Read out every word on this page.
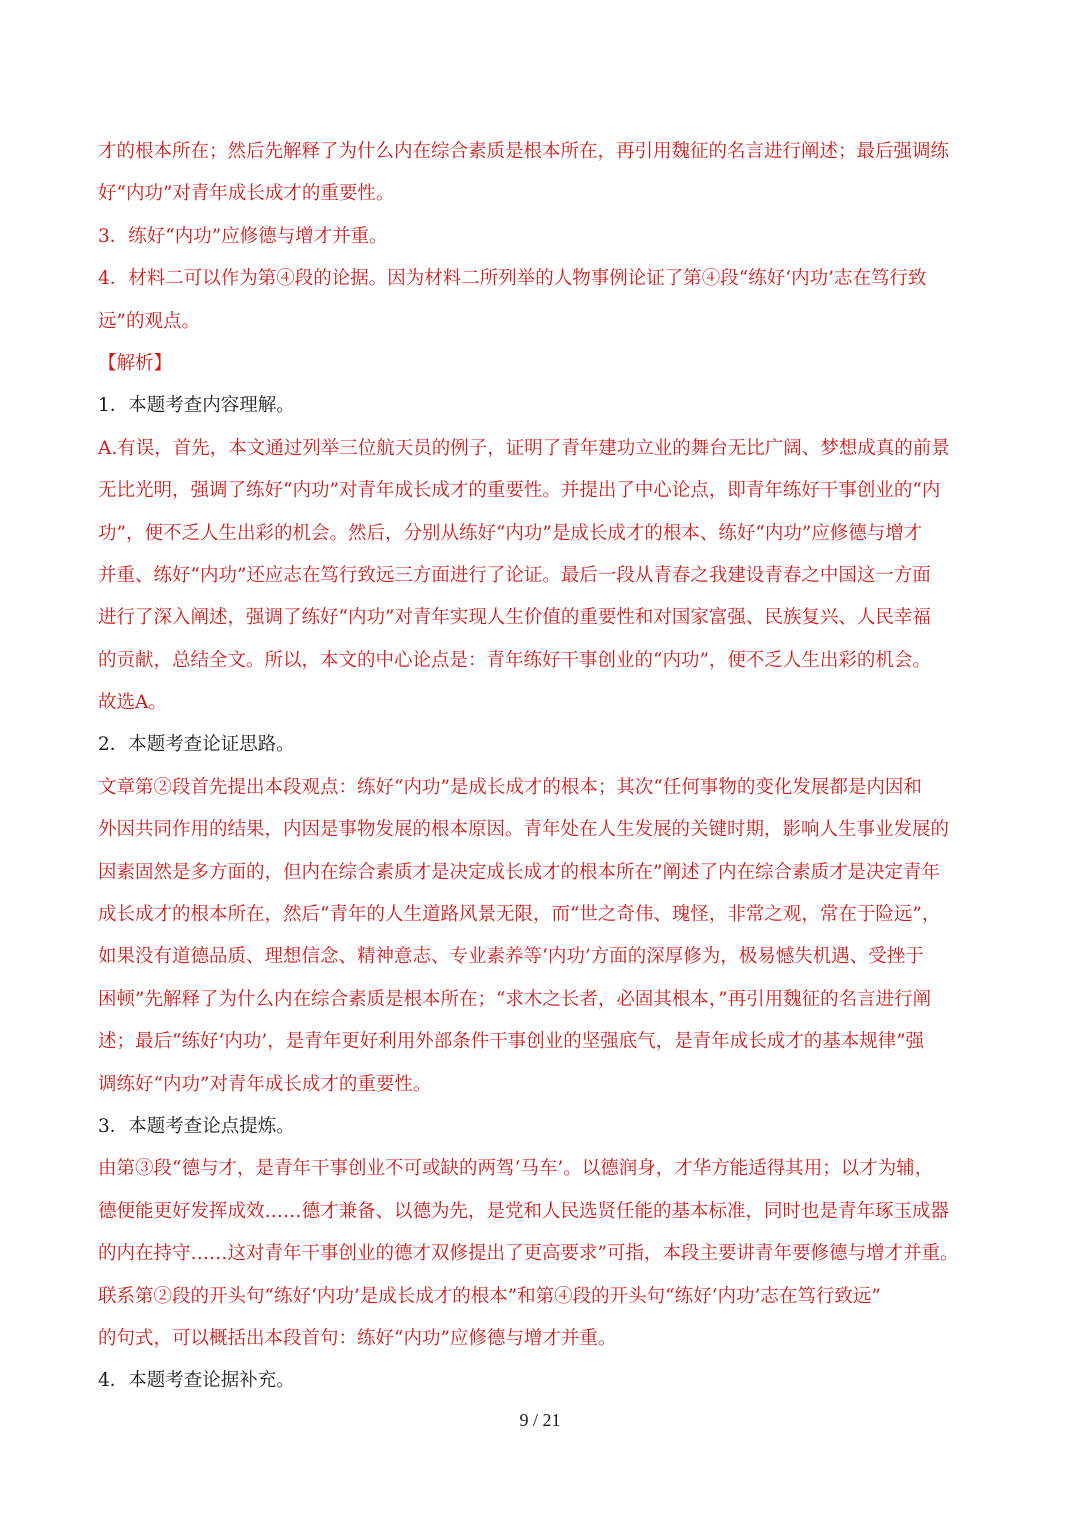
才的根本所在；然后先解释了为什么内在综合素质是根本所在，再引用魏征的名言进行阐述；最后强调练
好“内功”对青年成长成才的重要性。
3．练好“内功”应修德与增才并重。
4．材料二可以作为第④段的论据。因为材料二所列举的人物事例论证了第④段“练好‘内功’志在笃行致
远”的观点。
【解析】
1．本题考查内容理解。
A.有误，首先，本文通过列举三位航天员的例子，证明了青年建功立业的舞台无比广阔、梦想成真的前景
无比光明，强调了练好“内功”对青年成长成才的重要性。并提出了中心论点，即青年练好干事创业的“内
功”，便不乏人生出彩的机会。然后，分别从练好“内功”是成长成才的根本、练好“内功”应修德与增才
并重、练好“内功”还应志在笃行致远三方面进行了论证。最后一段从青春之我建设青春之中国这一方面
进行了深入阐述，强调了练好“内功”对青年实现人生价值的重要性和对国家富强、民族复兴、人民幸福
的贡献，总结全文。所以，本文的中心论点是：青年练好干事创业的“内功”，便不乏人生出彩的机会。
故选A。
2．本题考查论证思路。
文章第②段首先提出本段观点：练好“内功”是成长成才的根本；其次“任何事物的变化发展都是内因和
外因共同作用的结果，内因是事物发展的根本原因。青年处在人生发展的关键时期，影响人生事业发展的
因素固然是多方面的，但内在综合素质才是决定成长成才的根本所在”阐述了内在综合素质才是决定青年
成长成才的根本所在，然后“青年的人生道路风景无限，而“世之奇伟、瑰怪，非常之观，常在于险远”，
如果没有道德品质、理想信念、精神意志、专业素养等‘内功’方面的深厚修为，极易憾失机遇、受挫于
困顿”先解释了为什么内在综合素质是根本所在；“求木之长者，必固其根本，”再引用魏征的名言进行阐
述；最后“练好‘内功’，是青年更好利用外部条件干事创业的坚强底气，是青年成长成才的基本规律”强
调练好“内功”对青年成长成才的重要性。
3．本题考查论点提炼。
由第③段“德与才，是青年干事创业不可或缺的两驾‘马车’。以德润身，才华方能适得其用；以才为辅，
德便能更好发挥成效……德才兼备、以德为先，是党和人民选贤任能的基本标准，同时也是青年琢玉成器
的内在持守……这对青年干事创业的德才双修提出了更高要求”可指，本段主要讲青年要修德与增才并重。
联系第②段的开头句“练好‘内功’是成长成才的根本”和第④段的开头句“练好‘内功’志在笃行致远”
的句式，可以概括出本段首句：练好“内功”应修德与增才并重。
4．本题考查论据补充。
9 / 21
